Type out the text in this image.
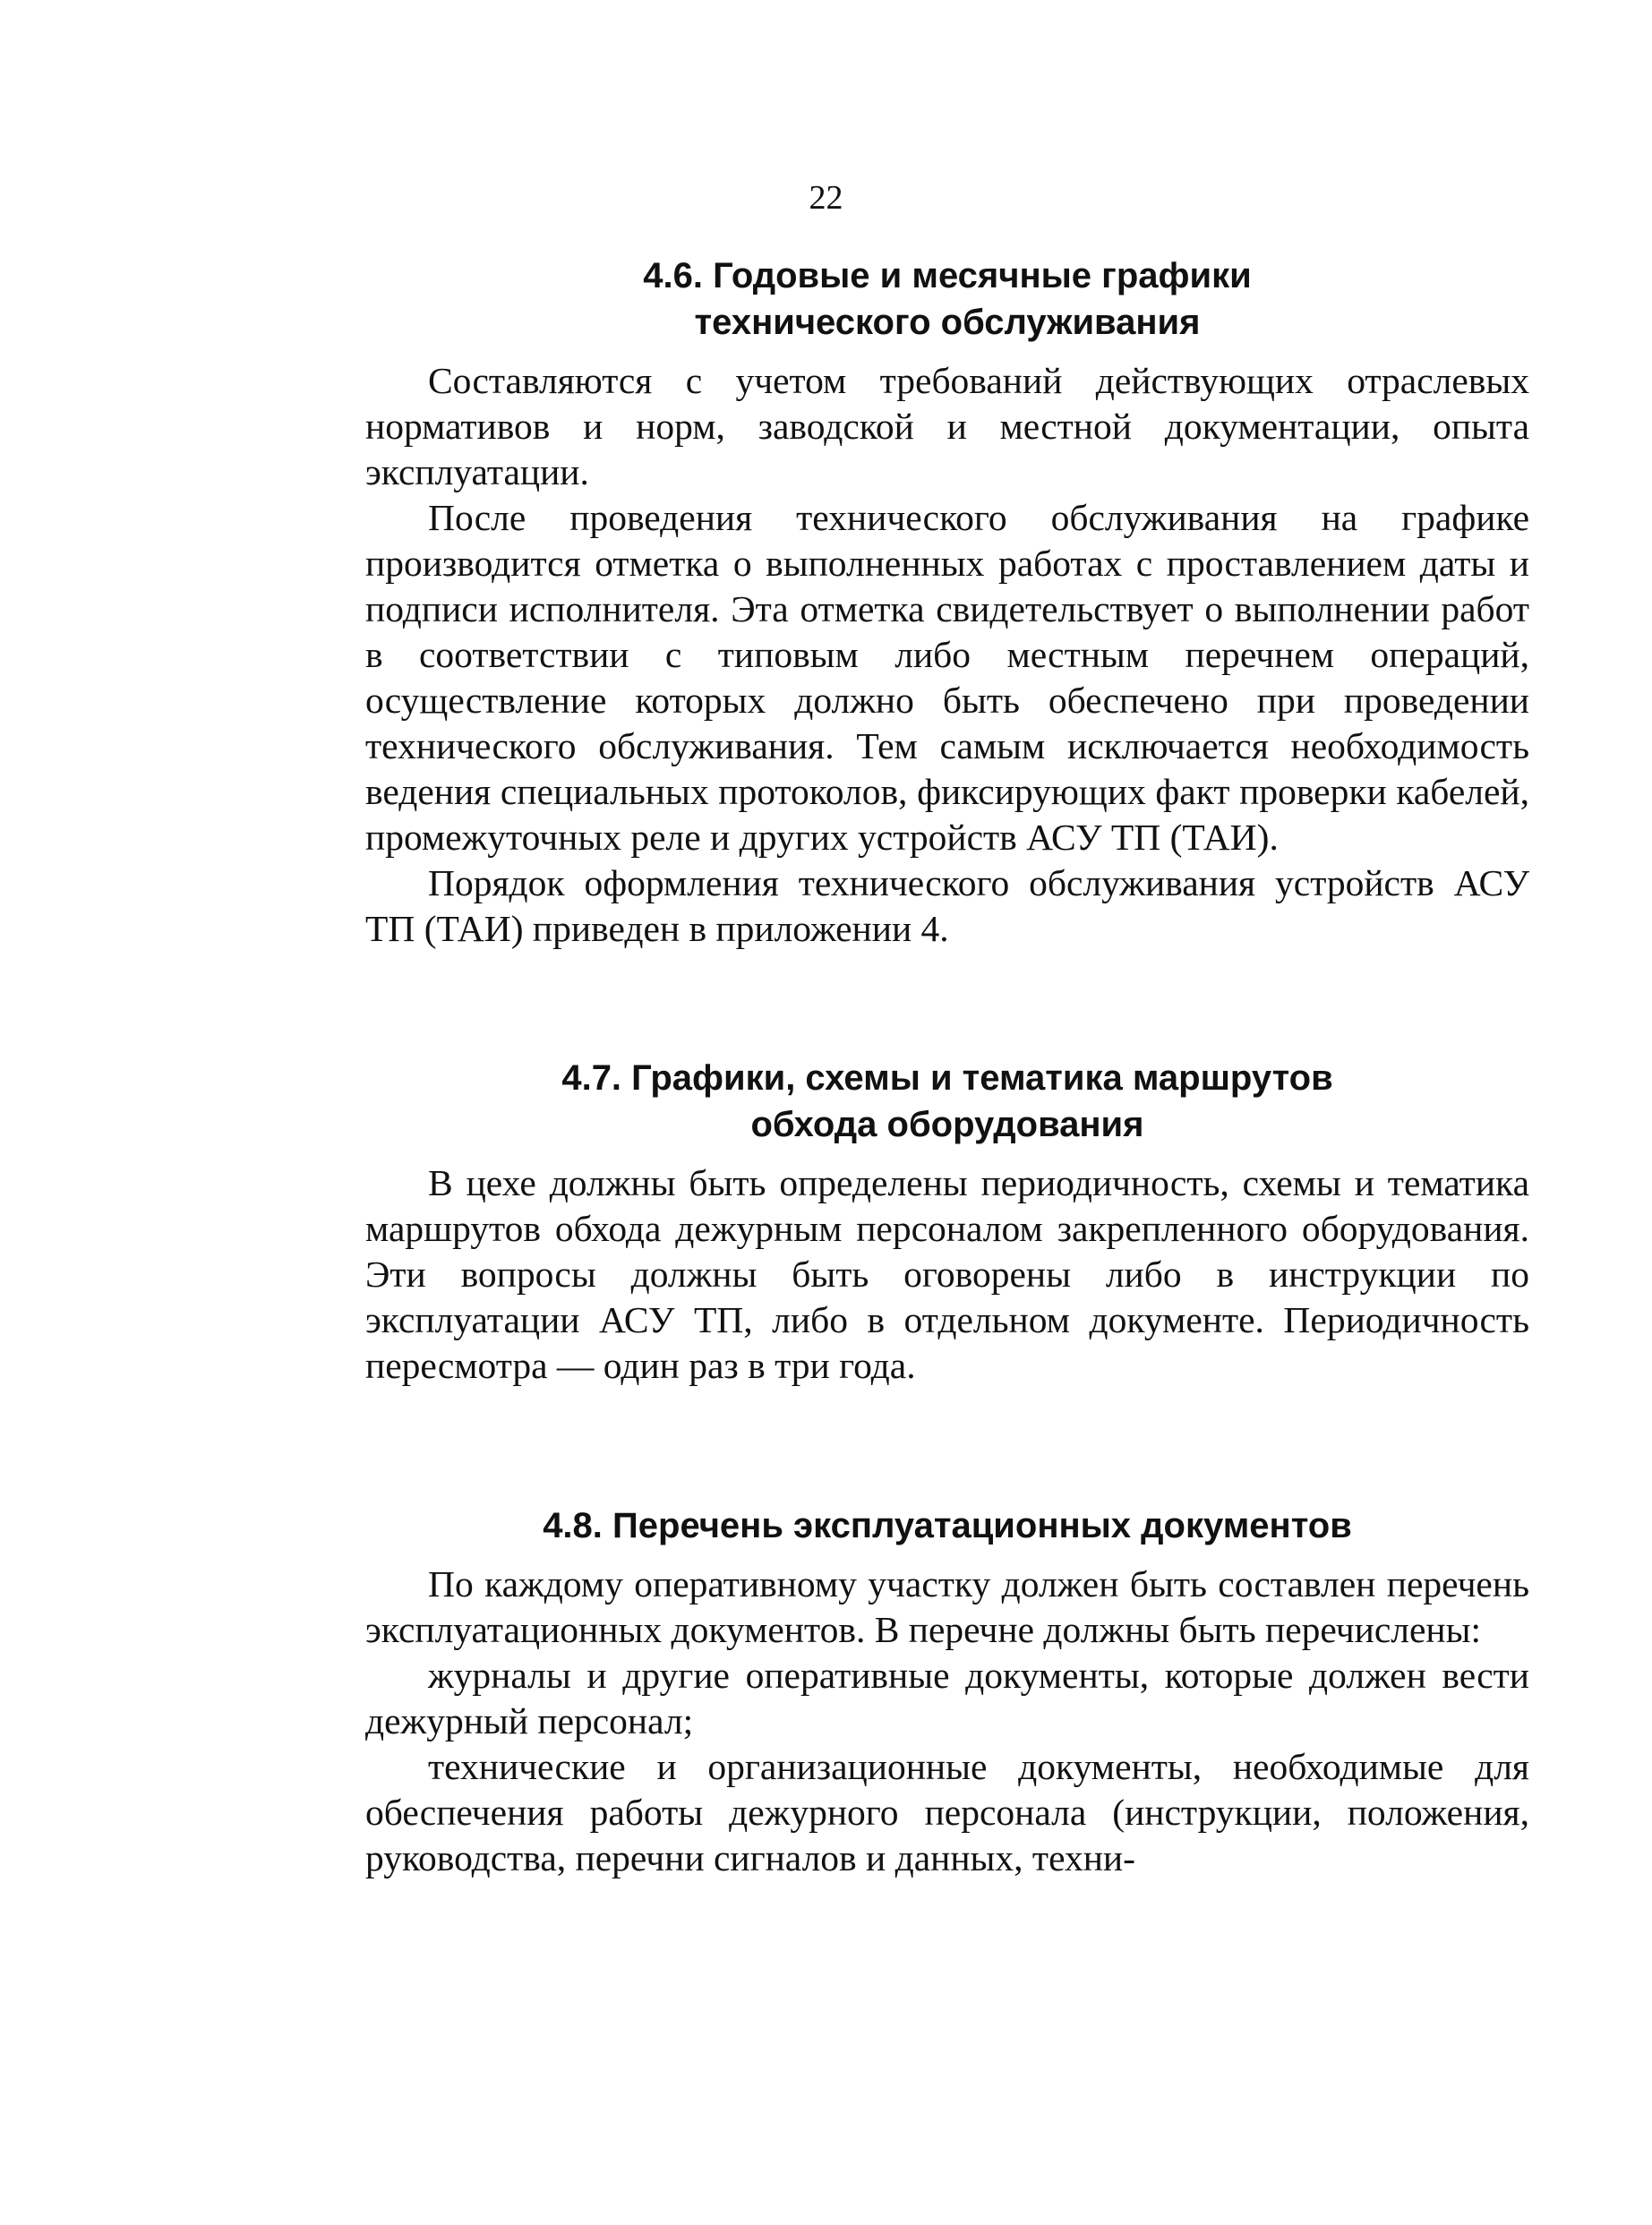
22
4.6. Годовые и месячные графики
технического обслуживания

Составляются с учетом требований действующих отраслевых нормативов и норм, заводской и местной документации, опыта эксплуатации.

После проведения технического обслуживания на графике производится отметка о выполненных работах с проставлением даты и подписи исполнителя. Эта отметка свидетельствует о выполнении работ в соответствии с типовым либо местным перечнем операций, осуществление которых должно быть обеспечено при проведении технического обслуживания. Тем самым исключается необходимость ведения специальных протоколов, фиксирующих факт проверки кабелей, промежуточных реле и других устройств АСУ ТП (ТАИ).

Порядок оформления технического обслуживания устройств АСУ ТП (ТАИ) приведен в приложении 4.

4.7. Графики, схемы и тематика маршрутов
обхода оборудования

В цехе должны быть определены периодичность, схемы и тематика маршрутов обхода дежурным персоналом закрепленного оборудования. Эти вопросы должны быть оговорены либо в инструкции по эксплуатации АСУ ТП, либо в отдельном документе. Периодичность пересмотра — один раз в три года.

4.8. Перечень эксплуатационных документов

По каждому оперативному участку должен быть составлен перечень эксплуатационных документов. В перечне должны быть перечислены:

журналы и другие оперативные документы, которые должен вести дежурный персонал;

технические и организационные документы, необходимые для обеспечения работы дежурного персонала (инструкции, положения, руководства, перечни сигналов и данных, техни-
